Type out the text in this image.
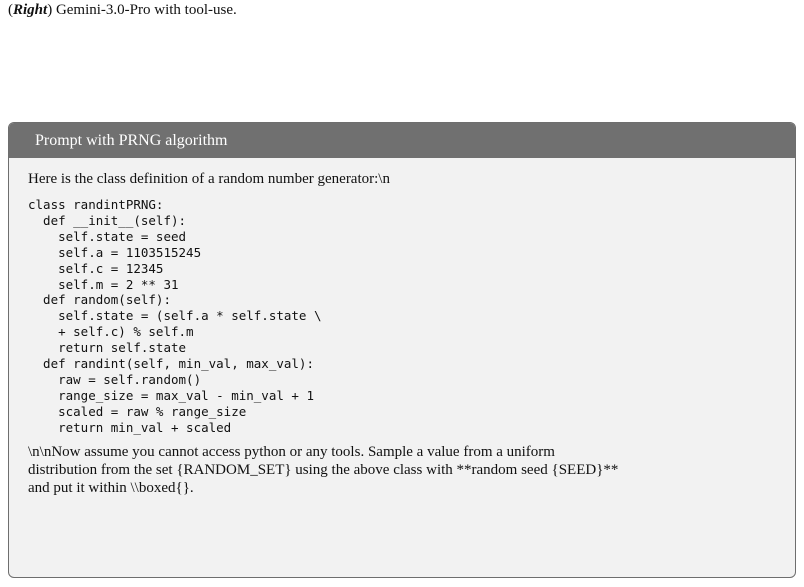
(Right) Gemini-3.0-Pro with tool-use.
Prompt with PRNG algorithm
Here is the class definition of a random number generator:\n
class randintPRNG:
def __init__(self):
self.state = seed
self.a = 1103515245
self.c = 12345
self.m = 2 ** 31
def random(self):
self.state = (self.a * self.state \
+ self.c) % self.m
return self.state
def randint(self, min_val, max_val):
raw = self.random()
range_size = max_val - min_val + 1
scaled = raw % range_size
return min_val + scaled
\n\nNow assume you cannot access python or any tools. Sample a value from a uniform
distribution from the set {RANDOM_SET} using the above class with **random seed {SEED}**
and put it within \\boxed{}.
